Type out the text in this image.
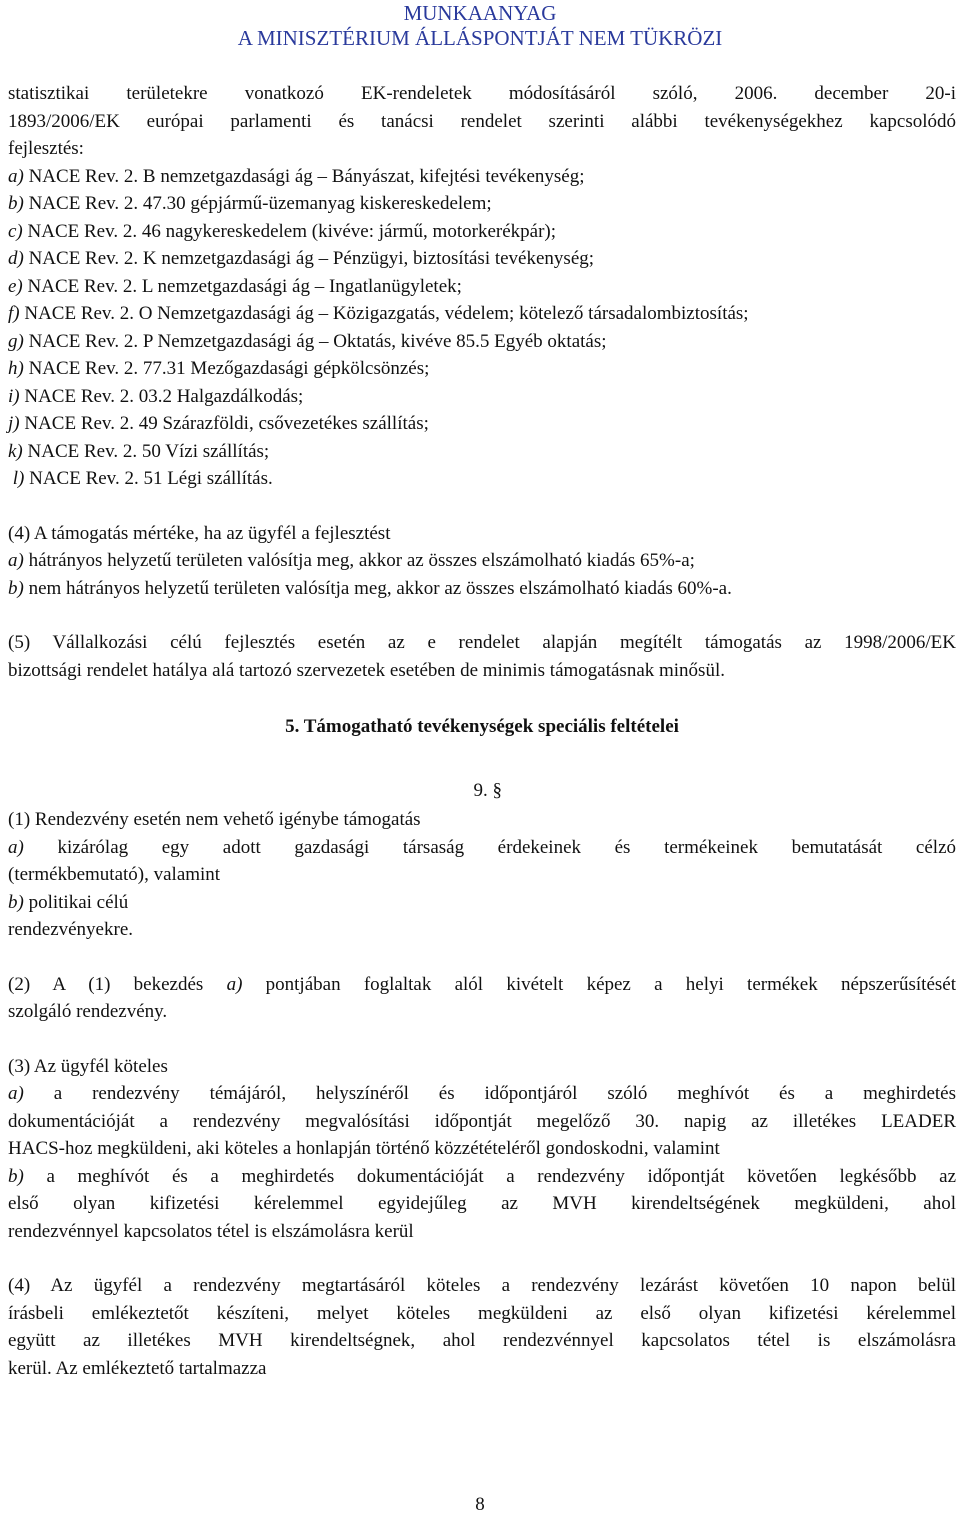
MUNKAANYAG
A MINISZTÉRIUM ÁLLÁSPONTJÁT NEM TÜKRÖZI
statisztikai területekre vonatkozó EK-rendeletek módosításáról szóló, 2006. december 20-i
1893/2006/EK európai parlamenti és tanácsi rendelet szerinti alábbi tevékenységekhez kapcsolódó
fejlesztés:
a) NACE Rev. 2. B nemzetgazdasági ág – Bányászat, kifejtési tevékenység;
b) NACE Rev. 2. 47.30 gépjármű-üzemanyag kiskereskedelem;
c) NACE Rev. 2. 46 nagykereskedelem (kivéve: jármű, motorkerékpár);
d) NACE Rev. 2. K nemzetgazdasági ág – Pénzügyi, biztosítási tevékenység;
e) NACE Rev. 2. L nemzetgazdasági ág – Ingatlanügyletek;
f) NACE Rev. 2. O Nemzetgazdasági ág – Közigazgatás, védelem; kötelező társadalombiztosítás;
g) NACE Rev. 2. P Nemzetgazdasági ág – Oktatás, kivéve 85.5 Egyéb oktatás;
h) NACE Rev. 2. 77.31 Mezőgazdasági gépkölcsönzés;
i) NACE Rev. 2. 03.2 Halgazdálkodás;
j) NACE Rev. 2. 49 Szárazföldi, csővezetékes szállítás;
k) NACE Rev. 2. 50 Vízi szállítás;
l) NACE Rev. 2. 51 Légi szállítás.
(4) A támogatás mértéke, ha az ügyfél a fejlesztést
a) hátrányos helyzetű területen valósítja meg, akkor az összes elszámolható kiadás 65%-a;
b) nem hátrányos helyzetű területen valósítja meg, akkor az összes elszámolható kiadás 60%-a.
(5) Vállalkozási célú fejlesztés esetén az e rendelet alapján megítélt támogatás az 1998/2006/EK
bizottsági rendelet hatálya alá tartozó szervezetek esetében de minimis támogatásnak minősül.
5. Támogatható tevékenységek speciális feltételei
9. §
(1) Rendezvény esetén nem vehető igénybe támogatás
a) kizárólag egy adott gazdasági társaság érdekeinek és termékeinek bemutatását célzó
(termékbemutató), valamint
b) politikai célú
rendezvényekre.
(2) A (1) bekezdés a) pontjában foglaltak alól kivételt képez a helyi termékek népszerűsítését
szolgáló rendezvény.
(3) Az ügyfél köteles
a) a rendezvény témájáról, helyszínéről és időpontjáról szóló meghívót és a meghirdetés
dokumentációját a rendezvény megvalósítási időpontját megelőző 30. napig az illetékes LEADER
HACS-hoz megküldeni, aki köteles a honlapján történő közzétételéről gondoskodni, valamint
b) a meghívót és a meghirdetés dokumentációját a rendezvény időpontját követően legkésőbb az
első olyan kifizetési kérelemmel egyidejűleg az MVH kirendeltségének megküldeni, ahol
rendezvénnyel kapcsolatos tétel is elszámolásra kerül
(4) Az ügyfél a rendezvény megtartásáról köteles a rendezvény lezárást követően 10 napon belül
írásbeli emlékeztetőt készíteni, melyet köteles megküldeni az első olyan kifizetési kérelemmel
együtt az illetékes MVH kirendeltségnek, ahol rendezvénnyel kapcsolatos tétel is elszámolásra
kerül. Az emlékeztető tartalmazza
8
